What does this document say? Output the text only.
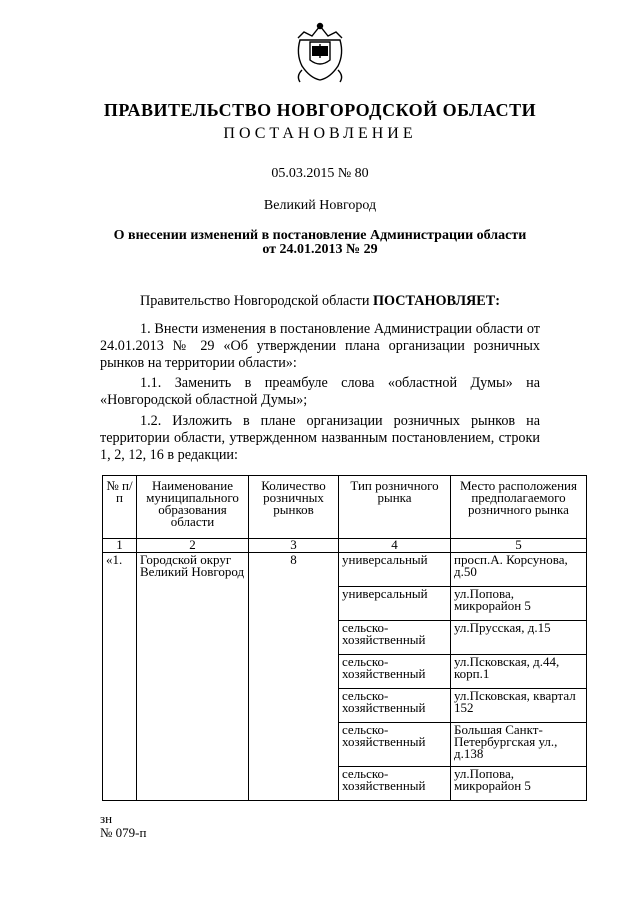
ПРАВИТЕЛЬСТВО НОВГОРОДСКОЙ ОБЛАСТИ
ПОСТАНОВЛЕНИЕ
05.03.2015 № 80
Великий Новгород
О внесении изменений в постановление Администрации области
от 24.01.2013 № 29
Правительство Новгородской области ПОСТАНОВЛЯЕТ:
1. Внести изменения в постановление Администрации области от 24.01.2013 № 29 «Об утверждении плана организации розничных рынков на территории области»:
1.1. Заменить в преамбуле слова «областной Думы» на «Новгородской областной Думы»;
1.2. Изложить в плане организации розничных рынков на территории области, утвержденном названным постановлением, строки 1, 2, 12, 16 в редакции:
№ п/п	Наименование муниципального образования области	Количество розничных рынков	Тип розничного рынка	Место расположения предполагаемого розничного рынка
1	2	3	4	5
«1.	Городской округ Великий Новгород	8	универсальный	просп.А. Корсунова, д.50
			универсальный	ул.Попова, микрорайон 5
			сельско-хозяйственный	ул.Прусская, д.15
			сельско-хозяйственный	ул.Псковская, д.44, корп.1
			сельско-хозяйственный	ул.Псковская, квартал 152
			сельско-хозяйственный	Большая Санкт-Петербургская ул., д.138
			сельско-хозяйственный	ул.Попова, микрорайон 5
зн
№ 079-п
